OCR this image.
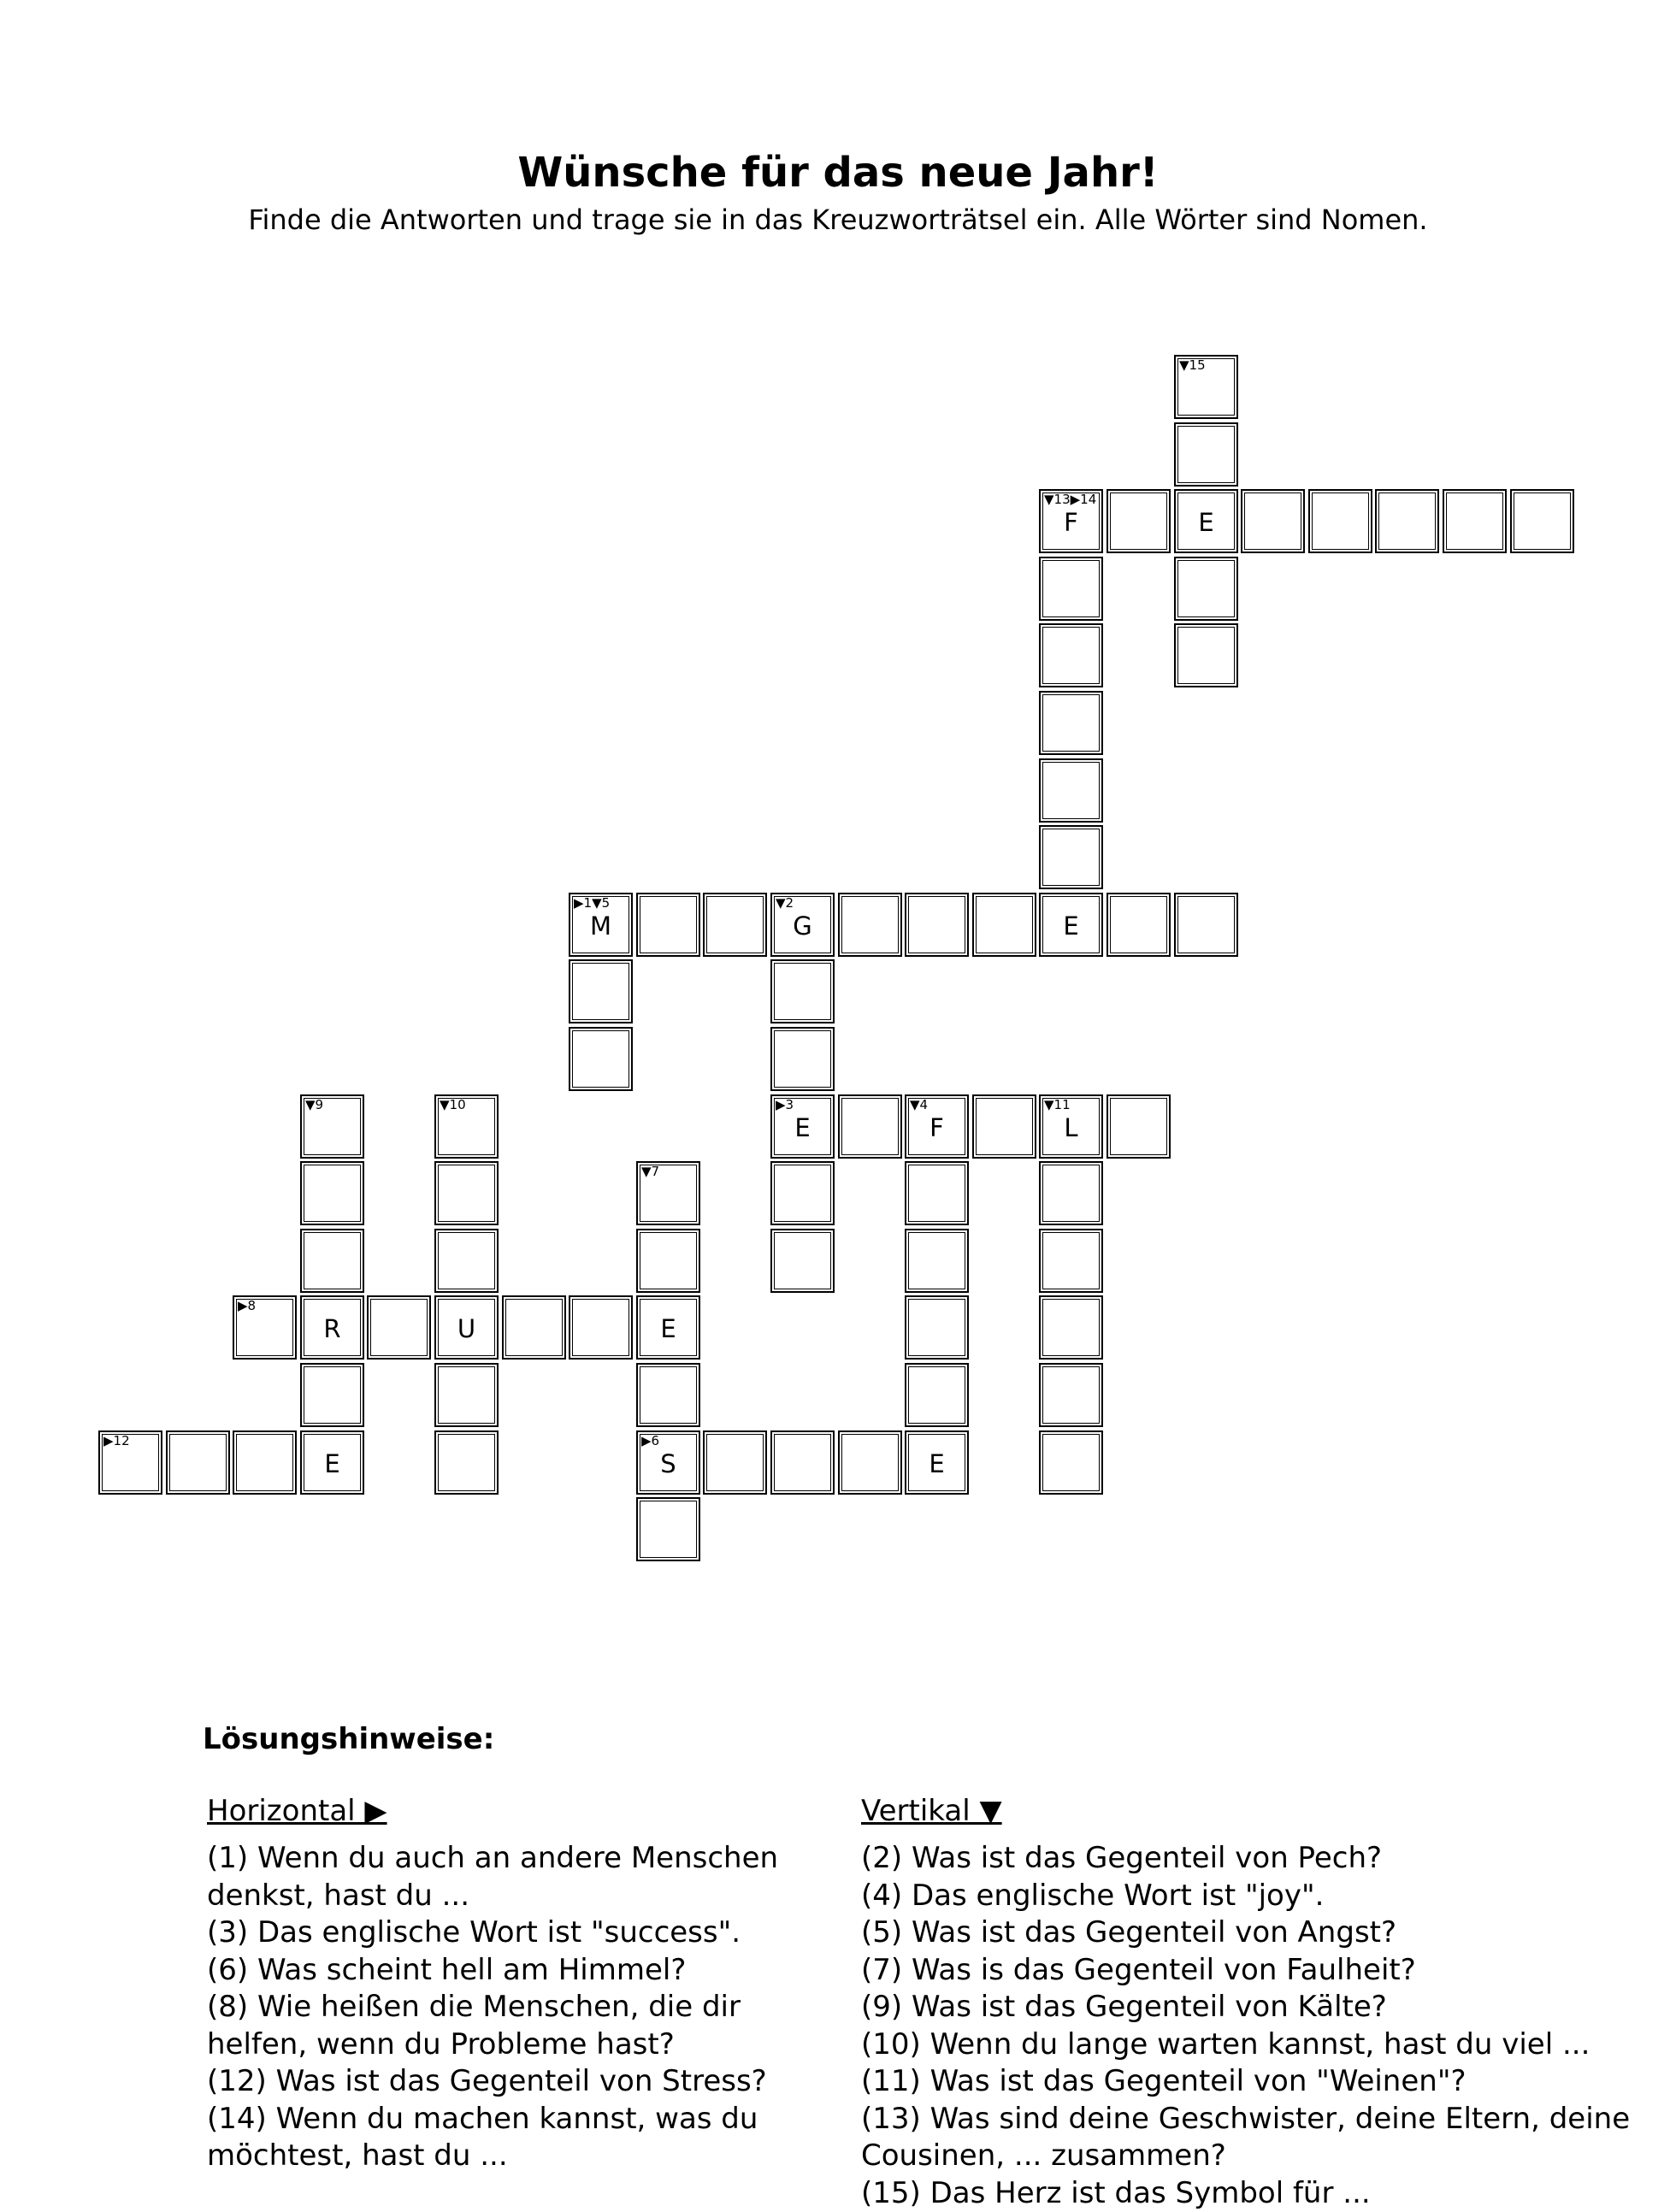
Wünsche für das neue Jahr!
Finde die Antworten und trage sie in das Kreuzworträtsel ein. Alle Wörter sind Nomen.
▼15
▼13▶14
F	E
▶1▼5
M
▼2
G	E
▼9	▼10	▶3
E
▼4
F
▼11
L
▼7
▶8
R	U	E
▶12
E
▶6
S	E
Lösungshinweise:
Horizontal ▶
(1) Wenn du auch an andere Menschen denkst, hast du ...
(3) Das englische Wort ist "success".
(6) Was scheint hell am Himmel?
(8) Wie heißen die Menschen, die dir helfen, wenn du Probleme hast?
(12) Was ist das Gegenteil von Stress?
(14) Wenn du machen kannst, was du möchtest, hast du ...
Vertikal ▼
(2) Was ist das Gegenteil von Pech?
(4) Das englische Wort ist "joy".
(5) Was ist das Gegenteil von Angst?
(7) Was is das Gegenteil von Faulheit?
(9) Was ist das Gegenteil von Kälte?
(10) Wenn du lange warten kannst, hast du viel ...
(11) Was ist das Gegenteil von "Weinen"?
(13) Was sind deine Geschwister, deine Eltern, deine Cousinen, ... zusammen?
(15) Das Herz ist das Symbol für ...
